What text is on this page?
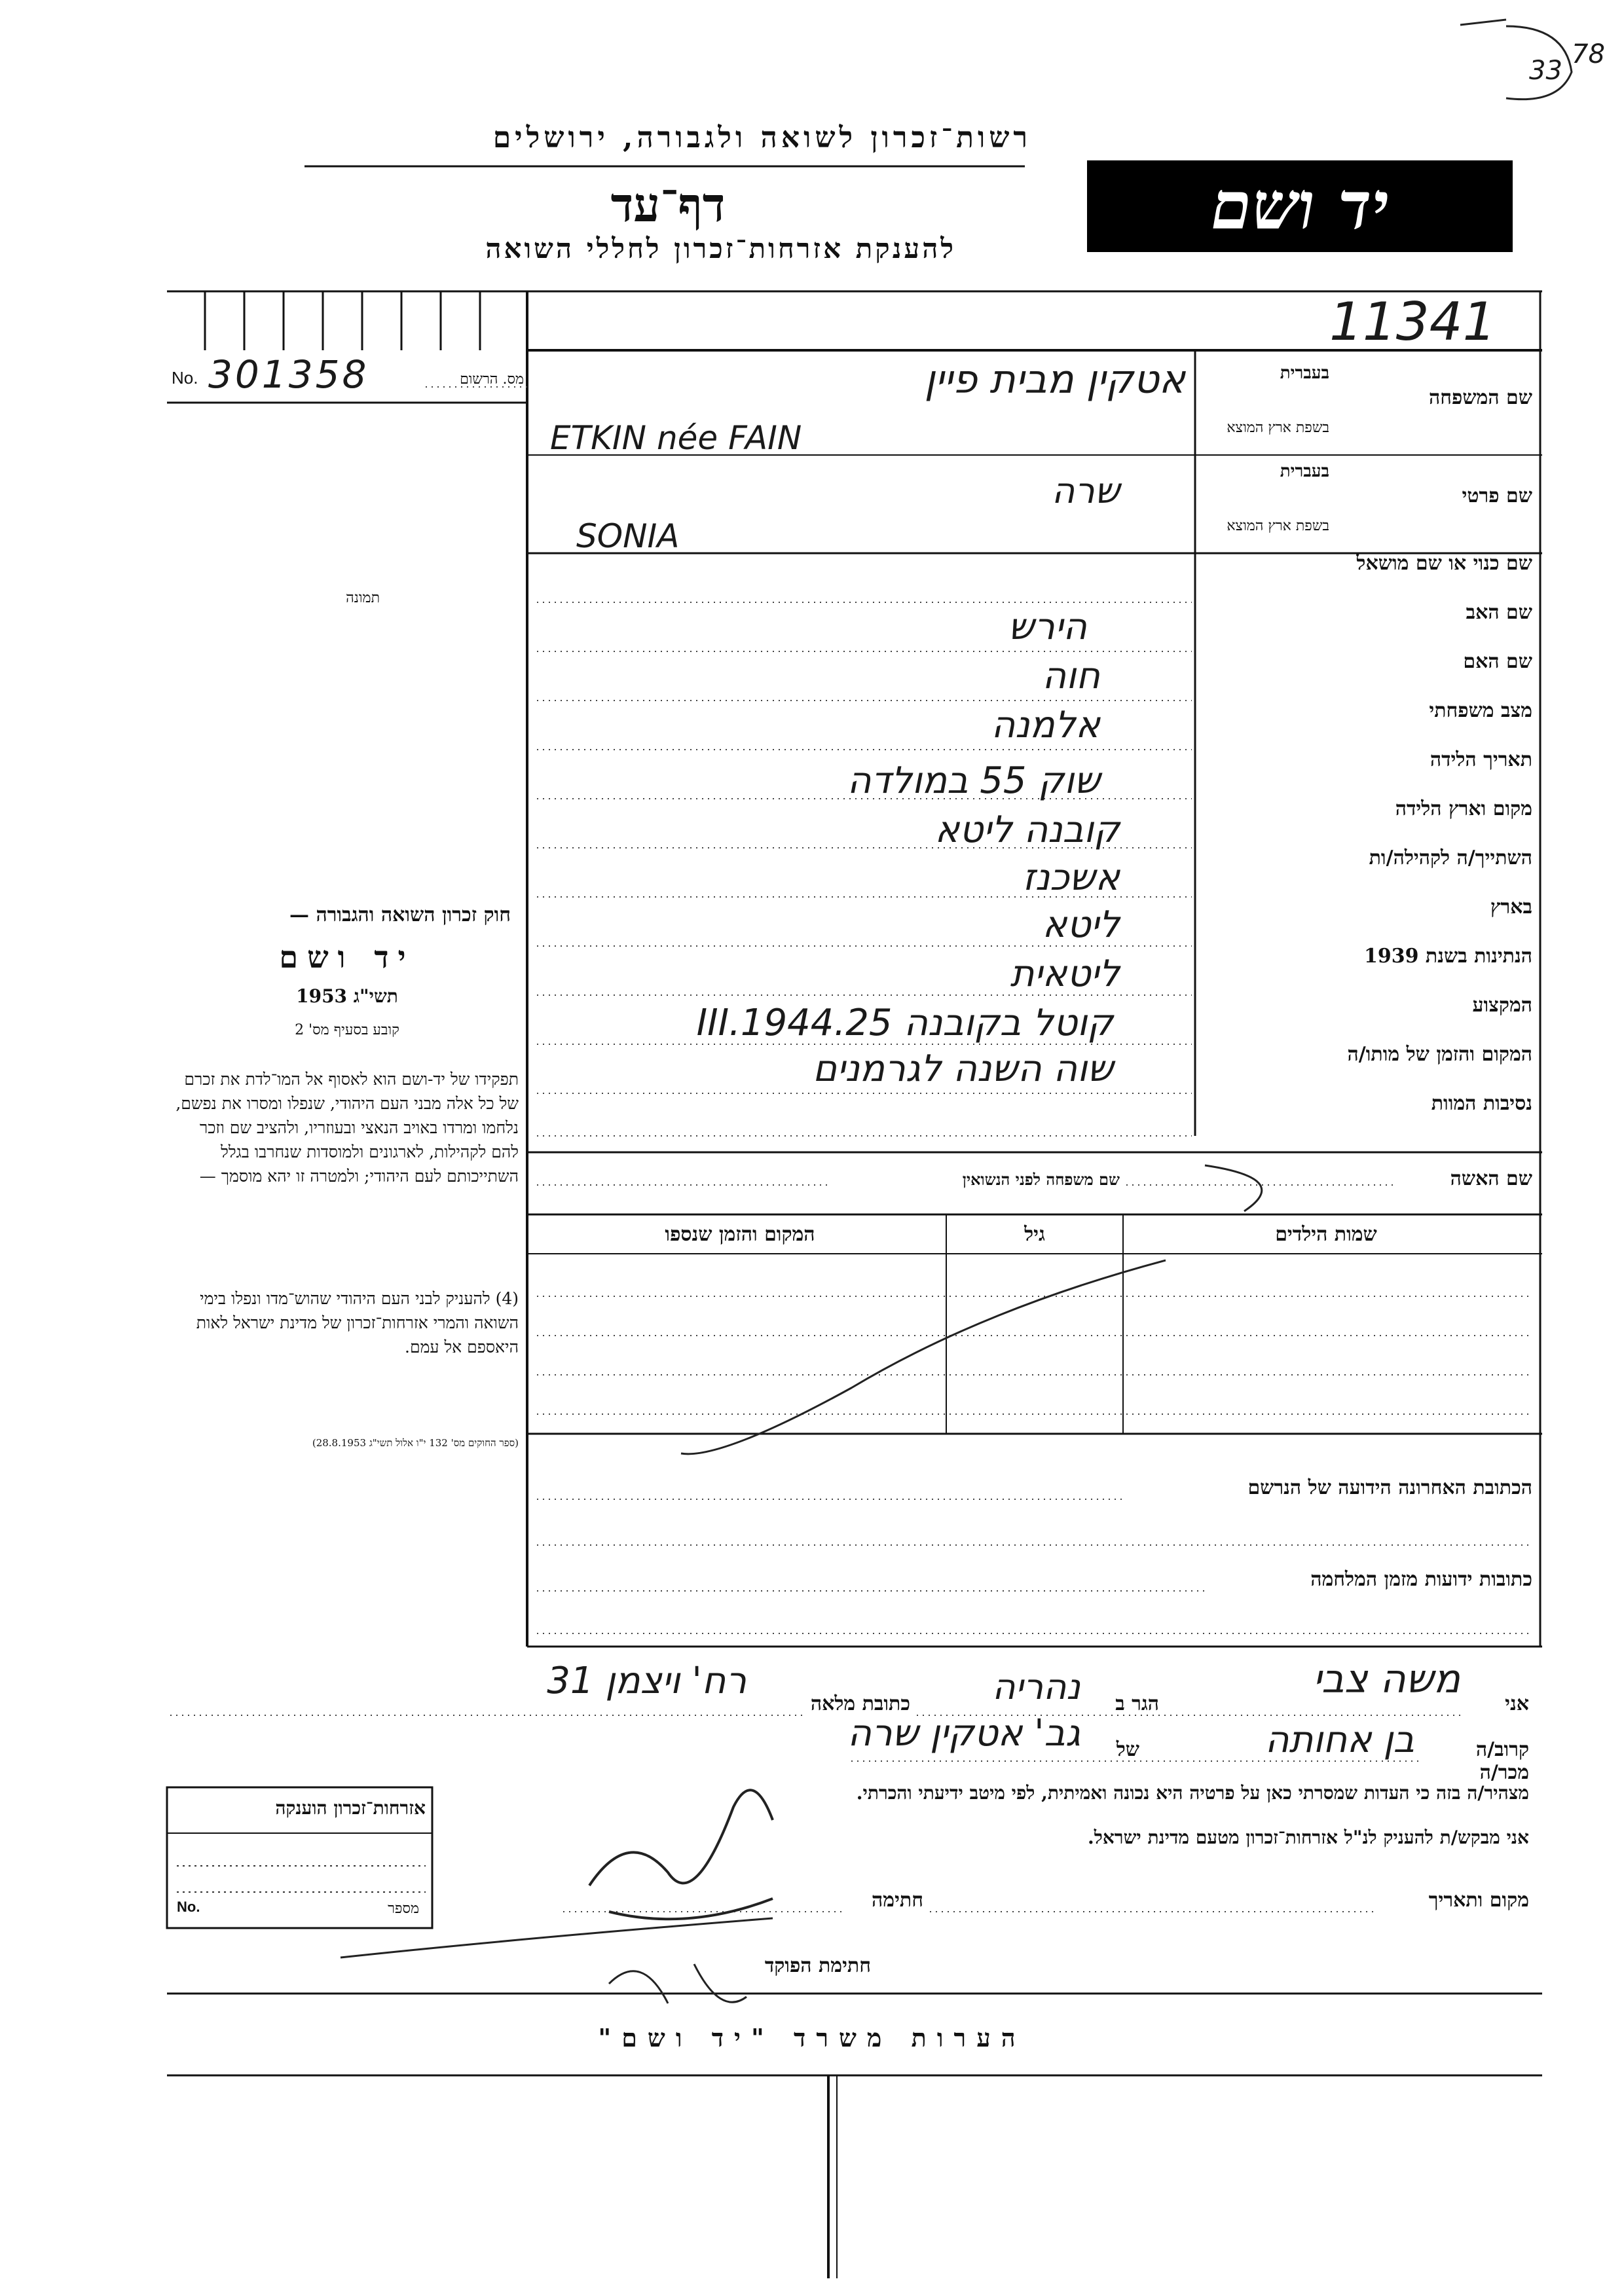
33
78
רשות־זכרון לשואה ולגבורה, ירושלים
דף־עד
להענקת אזרחות־זכרון לחללי השואה
יד ושם
11341
No. 301358	מס. הרשום
תמונה
חוק זכרון השואה והגבורה —
יד ושם
תשי"ג 1953
קובע בסעיף מס' 2
תפקידו של יד-ושם הוא לאסוף אל המו־לדת את זכרם של כל אלה מבני העם היהודי, שנפלו ומסרו את נפשם, נלחמו ומרדו באויב הנאצי ובעוזריו, ולהציב שם וזכר להם לקהילות, לארגונים ולמוסדות שנחרבו בגלל השתייכותם לעם היהודי; ולמטרה זו יהא מוסמך —
(4) להעניק לבני העם היהודי שהוש־מדו ונפלו בימי השואה והמרי אזרחות־זכרון של מדינת ישראל לאות היאספם אל עמם.
(ספר החוקים מס' 132 י"ו אלול תשי"ג 28.8.1953)
שם המשפחה
בעברית
בשפת ארץ המוצא
שם פרטי
בעברית
בשפת ארץ המוצא
שם כנוי או שם מושאל
שם האב
שם האם
מצב משפחתי
תאריך הלידה
מקום וארץ הלידה
השתייך/ה לקהילה/ות
בארץ
הנתינות בשנת 1939
המקצוע
המקום והזמן של מותו/ה
נסיבות המוות
אטקין מבית פיין
ETKIN née FAIN
שרה
SONIA
הירש
חוה
אלמנה
שוק 55 במולדה
קובנה ליטא
אשכנז
ליטא
ליטאית
קוטל בקובנה 25.III.1944
שוה השנה לגרמנים
שם האשה
שם משפחה לפני הנשואין
שמות הילדים
גיל
המקום והזמן שנספו
הכתובת האחרונה הידועה של הנרשם
כתובות ידועות מזמן המלחמה
אני
משה צבי
הגר ב
נהריה
כתובת מלאה
רח' ויצמן 31
קרוב/ה מכר/ה
בן אחותה
של
גב' אטקין שרה
מצהיר/ה בזה כי העדות שמסרתי כאן על פרטיה היא נכונה ואמיתית, לפי מיטב ידיעתי והכרתי.
אני מבקש/ת להעניק לנ"ל אזרחות־זכרון מטעם מדינת ישראל.
מקום ותאריך
חתימה
חתימת הפוקד
אזרחות־זכרון הוענקה
No.	מספר
הערות משרד "יד ושם"
